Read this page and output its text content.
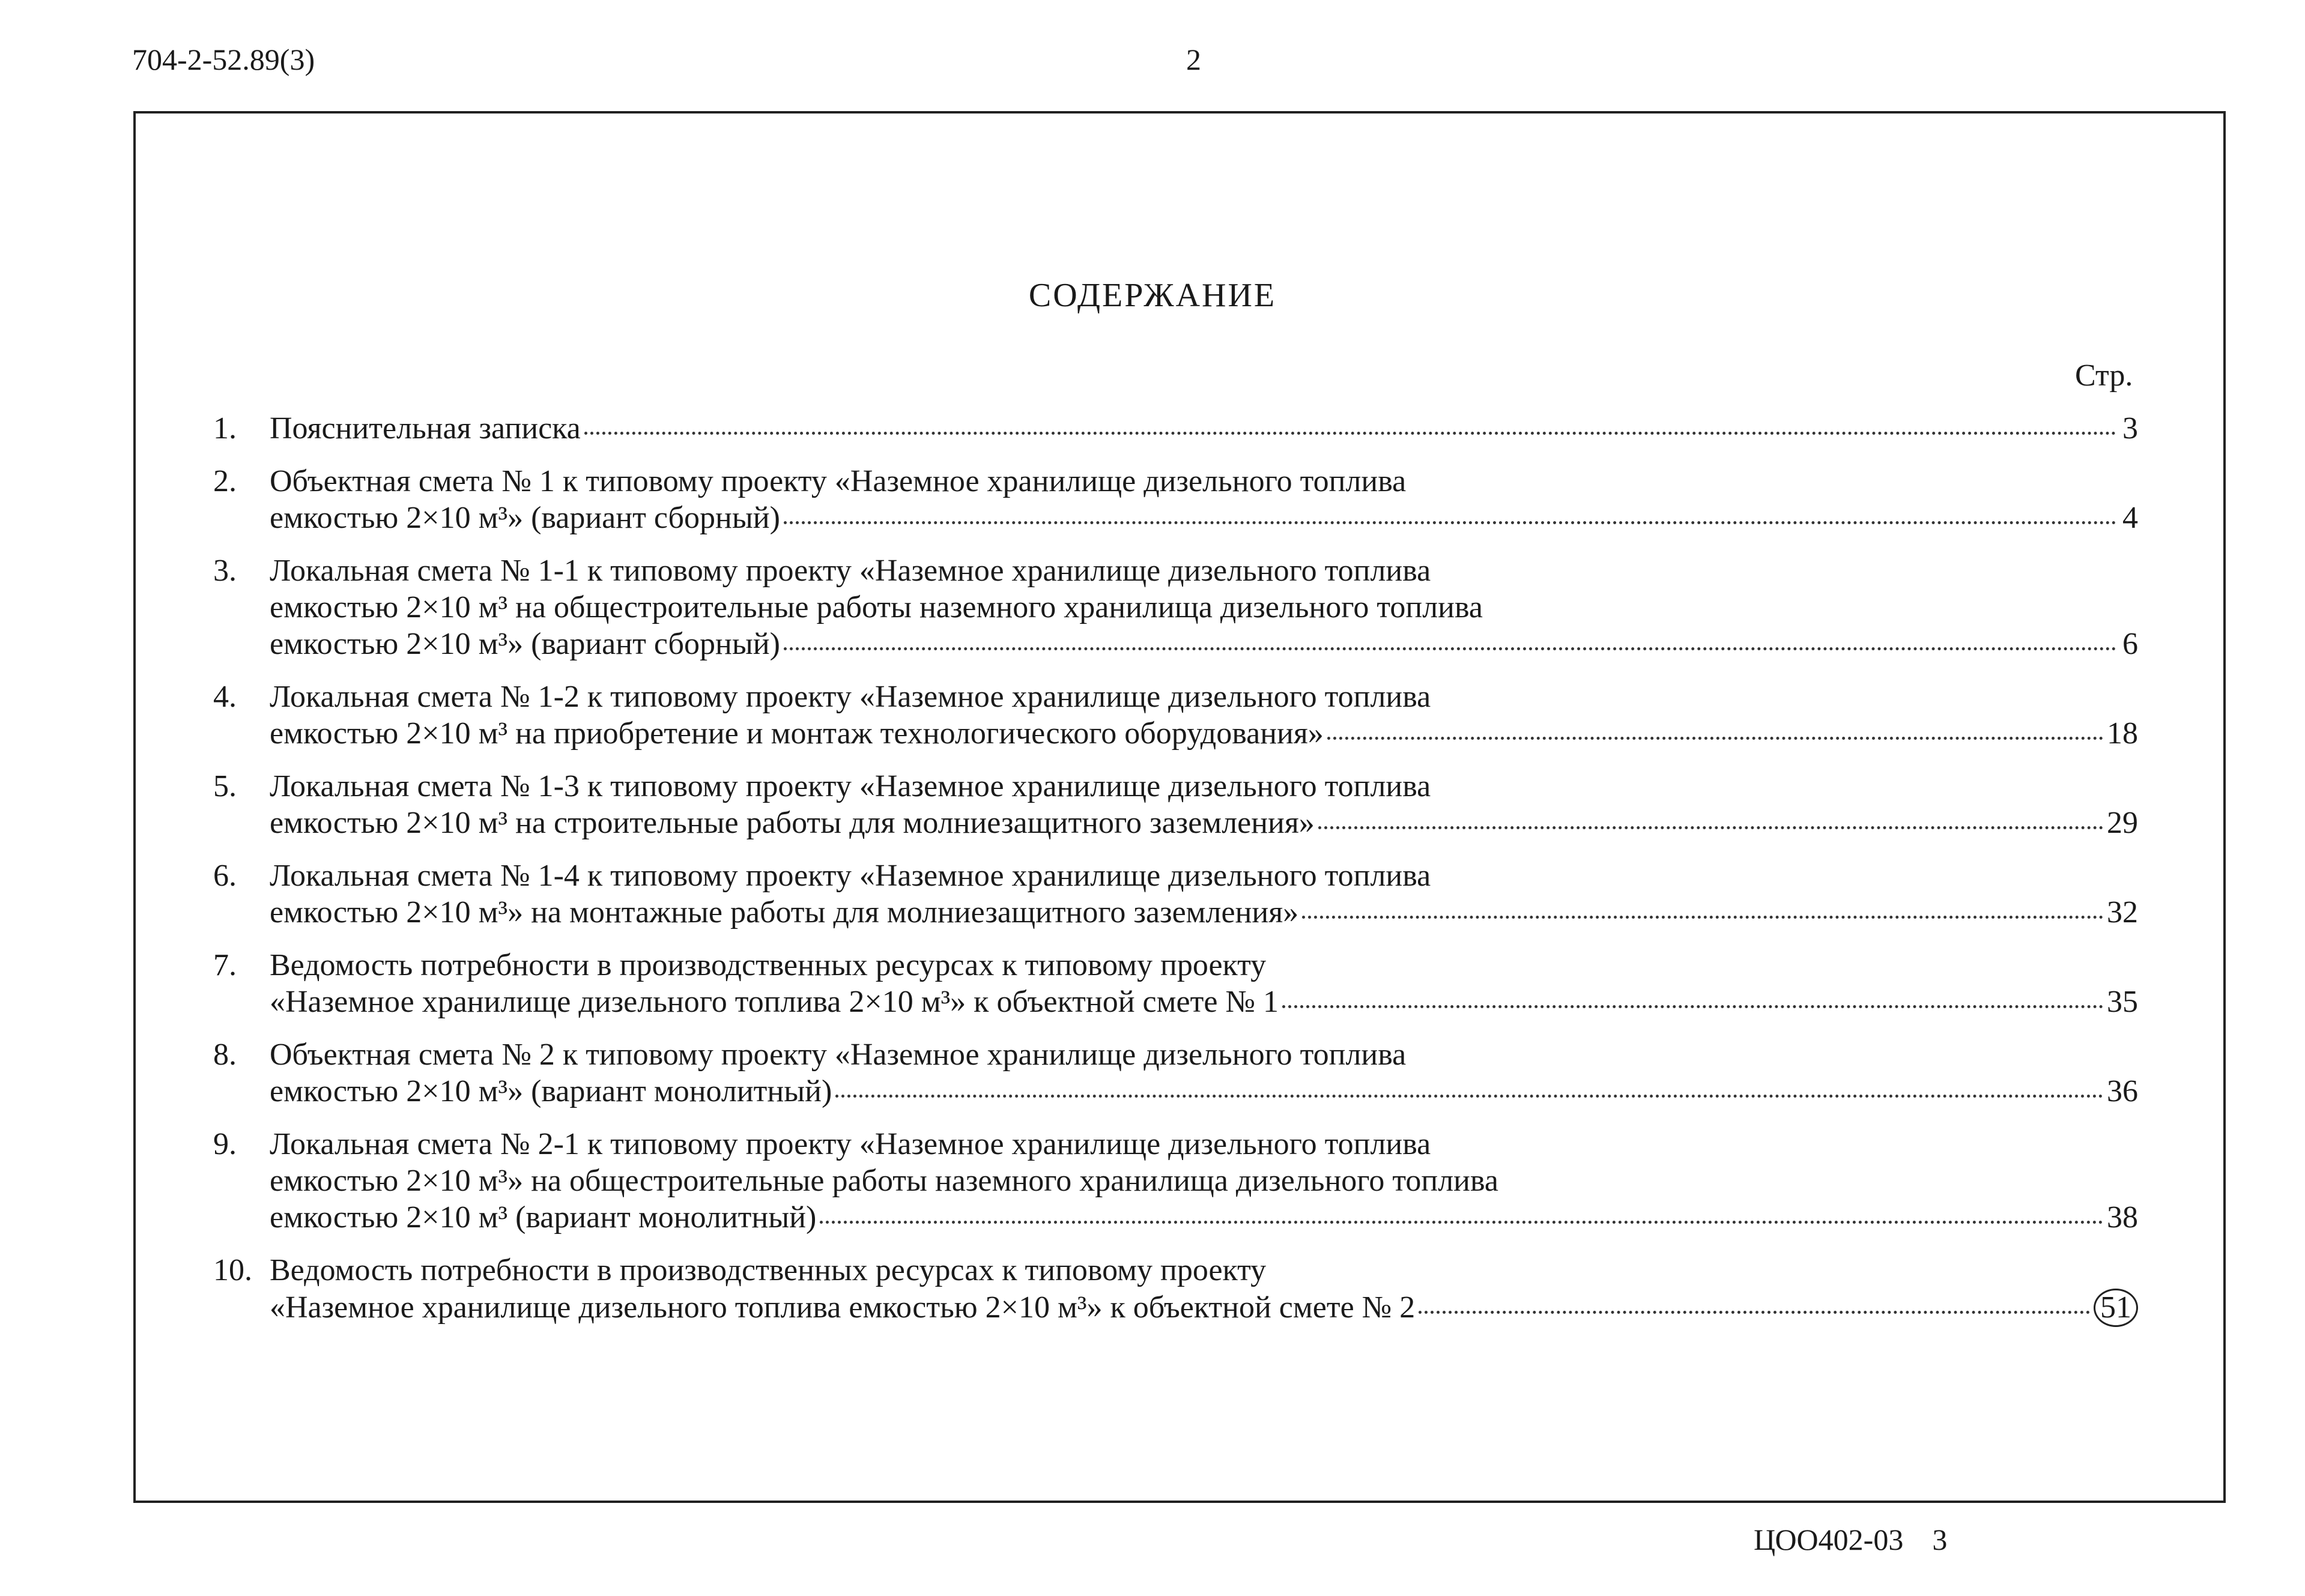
704-2-52.89(3)	2
СОДЕРЖАНИЕ
Стр.
1. Пояснительная записка	3
2. Объектная смета № 1 к типовому проекту «Наземное хранилище дизельного топлива
емкостью 2×10 м³» (вариант сборный)	4
3. Локальная смета № 1-1 к типовому проекту «Наземное хранилище дизельного топлива
емкостью 2×10 м³ на общестроительные работы наземного хранилища дизельного топлива
емкостью 2×10 м³» (вариант сборный)	6
4. Локальная смета № 1-2 к типовому проекту «Наземное хранилище дизельного топлива
емкостью 2×10 м³ на приобретение и монтаж технологического оборудования»	18
5. Локальная смета № 1-3 к типовому проекту «Наземное хранилище дизельного топлива
емкостью 2×10 м³ на строительные работы для молниезащитного заземления»	29
6. Локальная смета № 1-4 к типовому проекту «Наземное хранилище дизельного топлива
емкостью 2×10 м³» на монтажные работы для молниезащитного заземления»	32
7. Ведомость потребности в производственных ресурсах к типовому проекту
«Наземное хранилище дизельного топлива 2×10 м³» к объектной смете № 1	35
8. Объектная смета № 2 к типовому проекту «Наземное хранилище дизельного топлива
емкостью 2×10 м³» (вариант монолитный)	36
9. Локальная смета № 2-1 к типовому проекту «Наземное хранилище дизельного топлива
емкостью 2×10 м³» на общестроительные работы наземного хранилища дизельного топлива
емкостью 2×10 м³ (вариант монолитный)	38
10. Ведомость потребности в производственных ресурсах к типовому проекту
«Наземное хранилище дизельного топлива емкостью 2×10 м³» к объектной смете № 2	51
ЦОО402-03 3
